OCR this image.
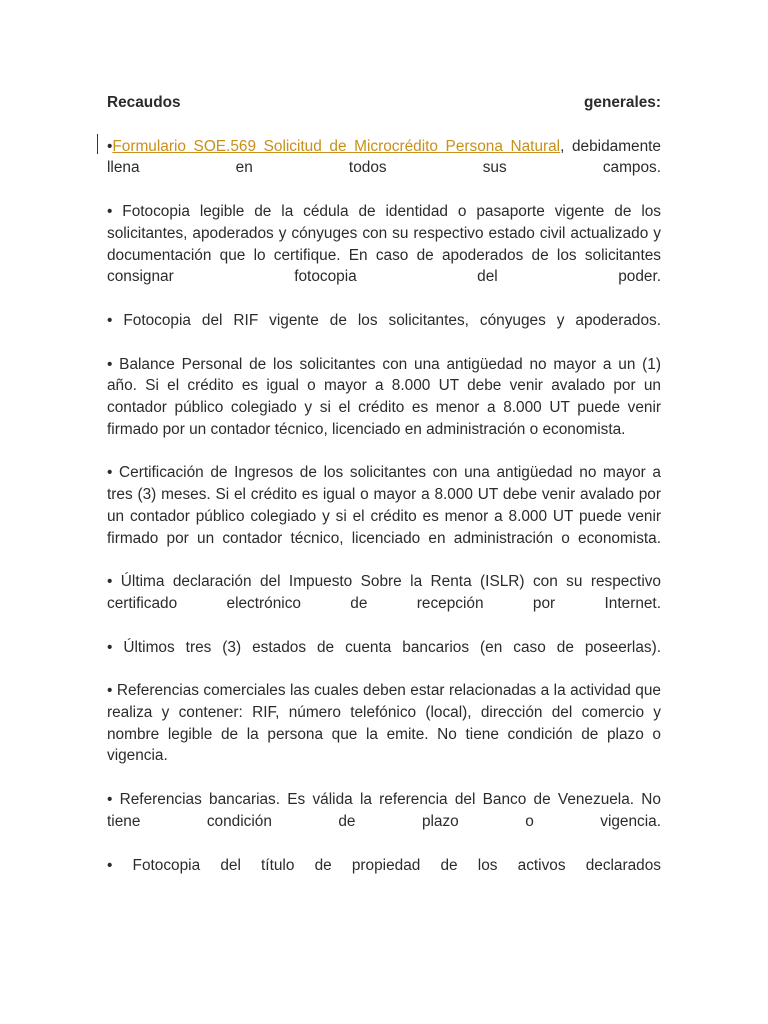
Recaudos	generales:

•Formulario SOE.569 Solicitud de Microcrédito Persona Natural, debidamente llena en todos sus campos.

• Fotocopia legible de la cédula de identidad o pasaporte vigente de los solicitantes, apoderados y cónyuges con su respectivo estado civil actualizado y documentación que lo certifique. En caso de apoderados de los solicitantes consignar fotocopia del poder.

• Fotocopia del RIF vigente de los solicitantes, cónyuges y apoderados.

• Balance Personal de los solicitantes con una antigüedad no mayor a un (1) año. Si el crédito es igual o mayor a 8.000 UT debe venir avalado por un contador público colegiado y si el crédito es menor a 8.000 UT puede venir firmado por un contador técnico, licenciado en administración o economista.

• Certificación de Ingresos de los solicitantes con una antigüedad no mayor a tres (3) meses. Si el crédito es igual o mayor a 8.000 UT debe venir avalado por un contador público colegiado y si el crédito es menor a 8.000 UT puede venir firmado por un contador técnico, licenciado en administración o economista.

• Última declaración del Impuesto Sobre la Renta (ISLR) con su respectivo certificado electrónico de recepción por Internet.

• Últimos tres (3) estados de cuenta bancarios (en caso de poseerlas).

• Referencias comerciales las cuales deben estar relacionadas a la actividad que realiza y contener: RIF, número telefónico (local), dirección del comercio y nombre legible de la persona que la emite. No tiene condición de plazo o vigencia.

• Referencias bancarias. Es válida la referencia del Banco de Venezuela. No tiene condición de plazo o vigencia.

• Fotocopia del título de propiedad de los activos declarados
